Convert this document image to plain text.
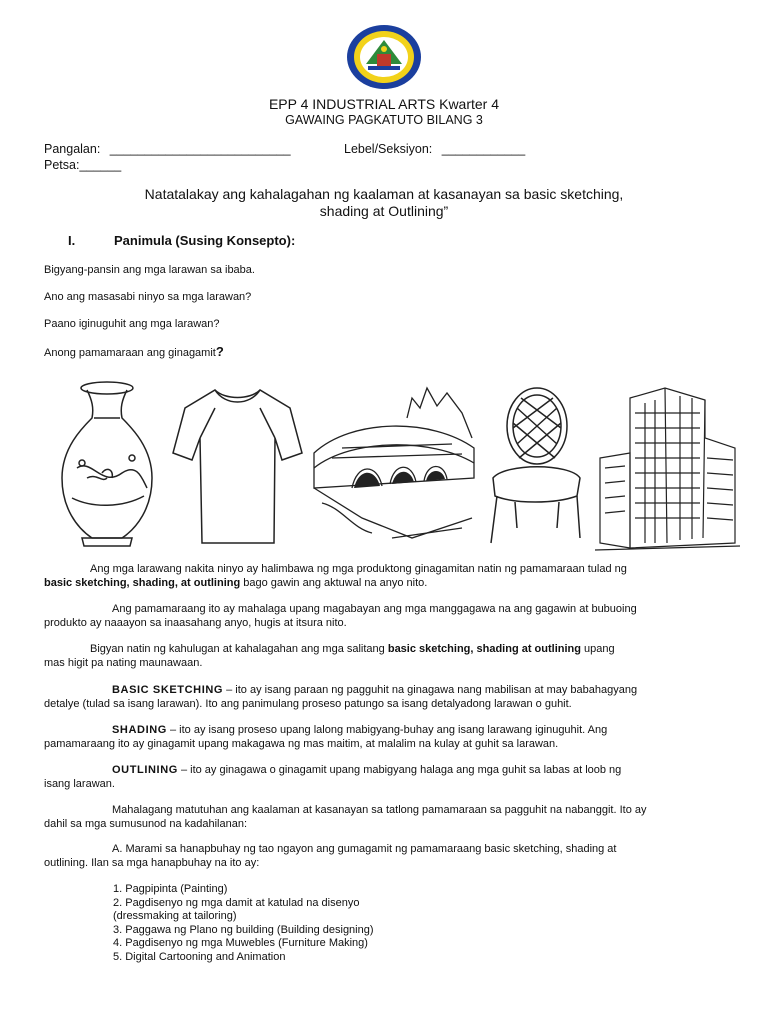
EPP 4 INDUSTRIAL ARTS Kwarter 4
GAWAING PAGKATUTO BILANG 3
Pangalan: __________________________	Lebel/Seksiyon: ____________
Petsa:______
Natatalakay ang kahalagahan ng kaalaman at kasanayan sa basic sketching,
shading at Outlining”
I.	Panimula (Susing Konsepto):
Bigyang-pansin ang mga larawan sa ibaba.
Ano ang masasabi ninyo sa mga larawan?
Paano iginuguhit ang mga larawan?
Anong pamamaraan ang ginagamit?
Ang mga larawang nakita ninyo ay halimbawa ng mga produktong ginagamitan natin ng pamamaraan tulad ng
basic sketching, shading, at outlining bago gawin ang aktuwal na anyo nito.
Ang pamamaraang ito ay mahalaga upang magabayan ang mga manggagawa na ang gagawin at bubuoing
produkto ay naaayon sa inaasahang anyo, hugis at itsura nito.
Bigyan natin ng kahulugan at kahalagahan ang mga salitang basic sketching, shading at outlining upang
mas higit pa nating maunawaan.
BASIC SKETCHING – ito ay isang paraan ng pagguhit na ginagawa nang mabilisan at may babahagyang
detalye (tulad sa isang larawan). Ito ang panimulang proseso patungo sa isang detalyadong larawan o guhit.
SHADING – ito ay isang proseso upang lalong mabigyang-buhay ang isang larawang iginuguhit. Ang
pamamaraang ito ay ginagamit upang makagawa ng mas maitim, at malalim na kulay at guhit sa larawan.
OUTLINING – ito ay ginagawa o ginagamit upang mabigyang halaga ang mga guhit sa labas at loob ng
isang larawan.
Mahalagang matutuhan ang kaalaman at kasanayan sa tatlong pamamaraan sa pagguhit na nabanggit. Ito ay
dahil sa mga sumusunod na kadahilanan:
A. Marami sa hanapbuhay ng tao ngayon ang gumagamit ng pamamaraang basic sketching, shading at
outlining. Ilan sa mga hanapbuhay na ito ay:
1. Pagpipinta (Painting)
2. Pagdisenyo ng mga damit at katulad na disenyo
(dressmaking at tailoring)
3. Paggawa ng Plano ng building (Building designing)
4. Pagdisenyo ng mga Muwebles (Furniture Making)
5. Digital Cartooning and Animation
